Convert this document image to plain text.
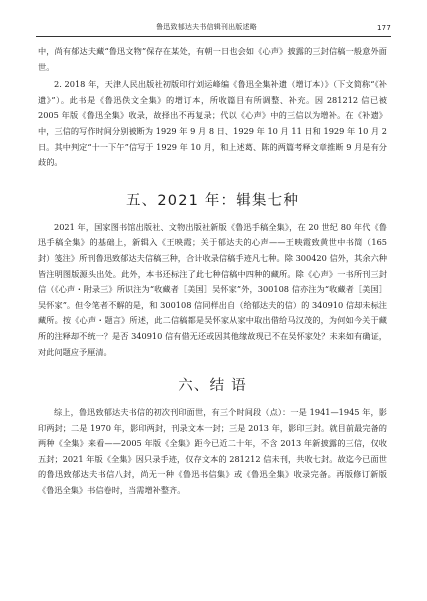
鲁迅致郁达夫书信辑刊出版述略	177

中，尚有郁达夫藏“鲁迅文物”保存在某处，有朝一日也会如《心声》披露的三封信稿一般意外面世。

2. 2018 年，天津人民出版社初版印行刘运峰编《鲁迅全集补遗（增订本）》（下文简称“《补遗》”）。此书是《鲁迅佚文全集》的增订本，所收篇目有所调整、补充。因 281212 信已被 2005 年版《鲁迅全集》收录，故择出不再复录；代以《心声》中的三信以为增补。在《补遗》中，三信的写作时间分别被断为 1929 年 9 月 8 日、1929 年 10 月 11 日和 1929 年 10 月 2 日。其中判定“十一下午”信写于 1929 年 10 月，和上述葛、陈的两篇考释文章推断 9 月是有分歧的。

五、2021 年：辑集七种

2021 年，国家图书馆出版社、文物出版社新版《鲁迅手稿全集》，在 20 世纪 80 年代《鲁迅手稿全集》的基础上，新辑入《王映霞；关于郁达夫的心声——王映霞致黄世中书简（165 封）笺注》所刊鲁迅致郁达夫信稿三种，合计收录信稿手迹凡七种。除 300420 信外，其余六种皆注明图版源头出处。此外，本书还标注了此七种信稿中四种的藏所。除《心声》一书所刊三封信（《心声・附录三》所识注为“收藏者［美国］吴怀家”外，300108 信亦注为“收藏者［美国］吴怀家”。但令笔者不解的是，和 300108 信同样出自（给郁达夫的信）的 340910 信却未标注藏所。按《心声・题言》所述，此二信稿都是吴怀家从家中取出借给马汉茂的，为何如今关于藏所的注释却不统一？是否 340910 信有借无还或因其他缘故现已不在吴怀家处？未来如有确证，对此问题应予厘清。

六、结 语

综上，鲁迅致郁达夫书信的初次刊印面世，有三个时间段（点）：一是 1941—1945 年，影印两封；二是 1970 年，影印两封，刊录文本一封；三是 2013 年，影印三封。就目前最完备的两种《全集》来看——2005 年版《全集》距今已近二十年，不含 2013 年新披露的三信，仅收五封；2021 年版《全集》因只录手迹，仅存文本的 281212 信未刊，共收七封。故迄今已面世的鲁迅致郁达夫书信八封，尚无一种《鲁迅书信集》或《鲁迅全集》收录完备。再版修订新版《鲁迅全集》书信卷时，当需增补整齐。
